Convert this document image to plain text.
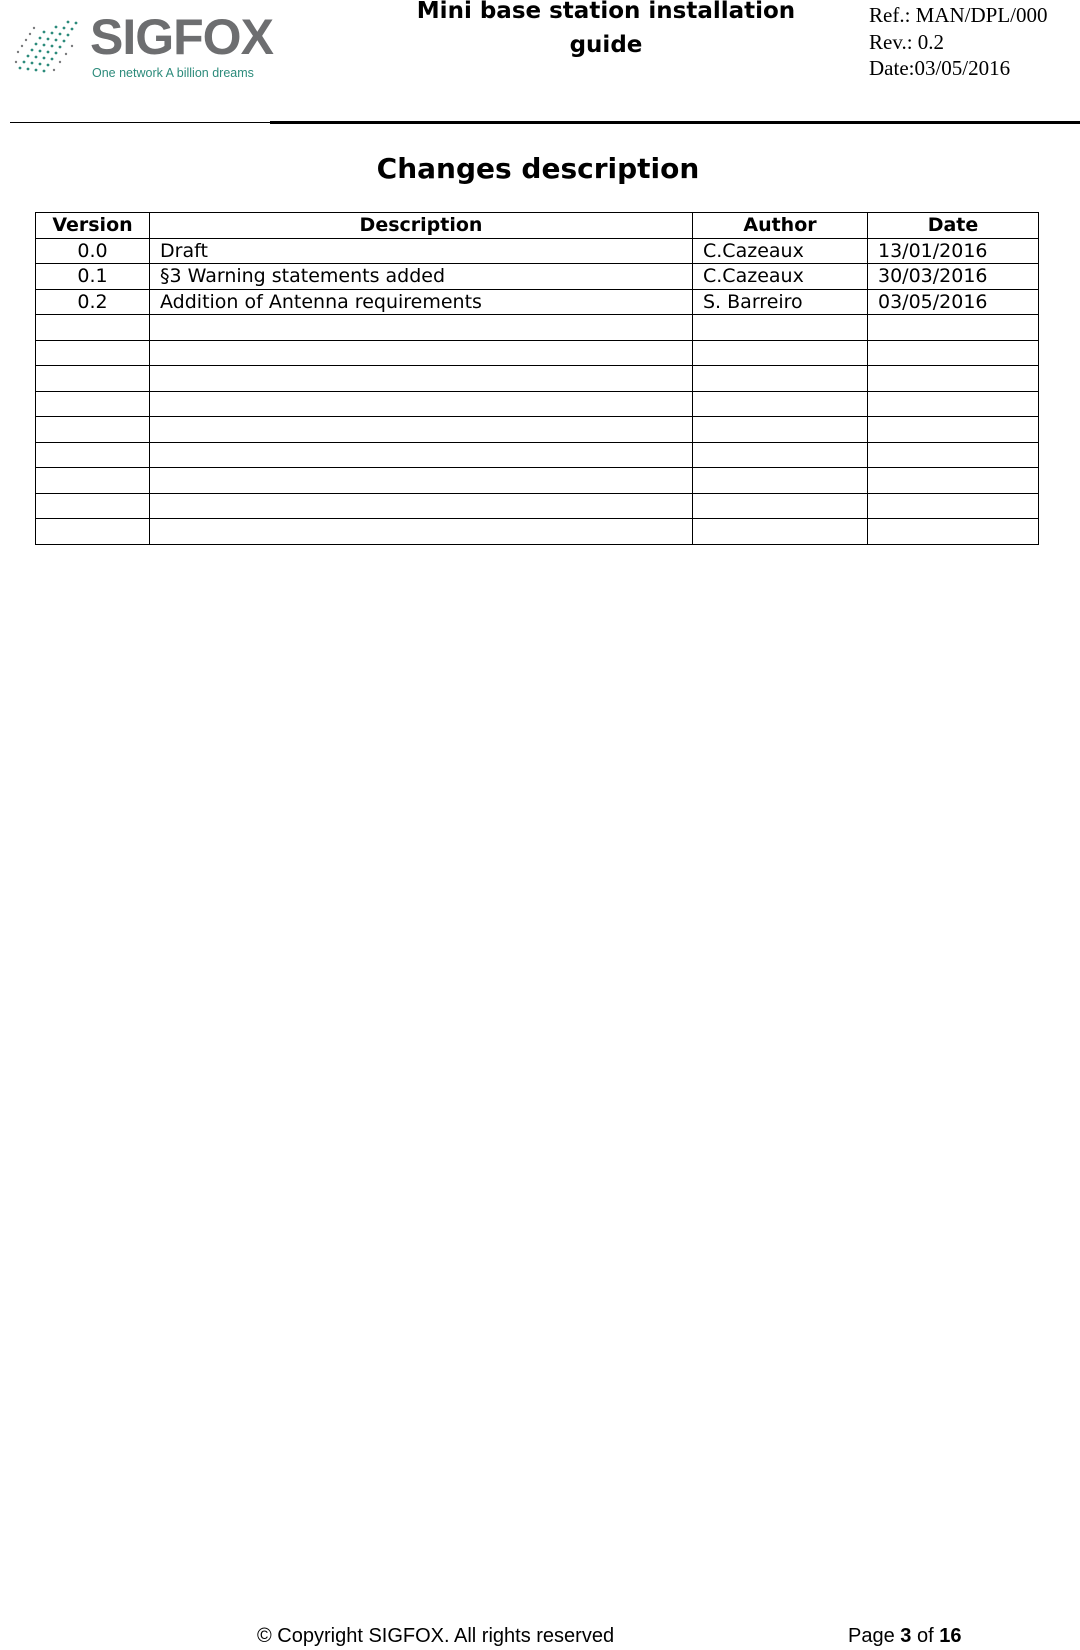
SIGFOX
One network A billion dreams
Mini base station installation
guide
Ref.: MAN/DPL/000
Rev.: 0.2
Date:03/05/2016
Changes description
Version	Description	Author	Date
0.0	Draft	C.Cazeaux	13/01/2016
0.1	§3 Warning statements added	C.Cazeaux	30/03/2016
0.2	Addition of Antenna requirements	S. Barreiro	03/05/2016

© Copyright SIGFOX. All rights reserved	Page 3 of 16
